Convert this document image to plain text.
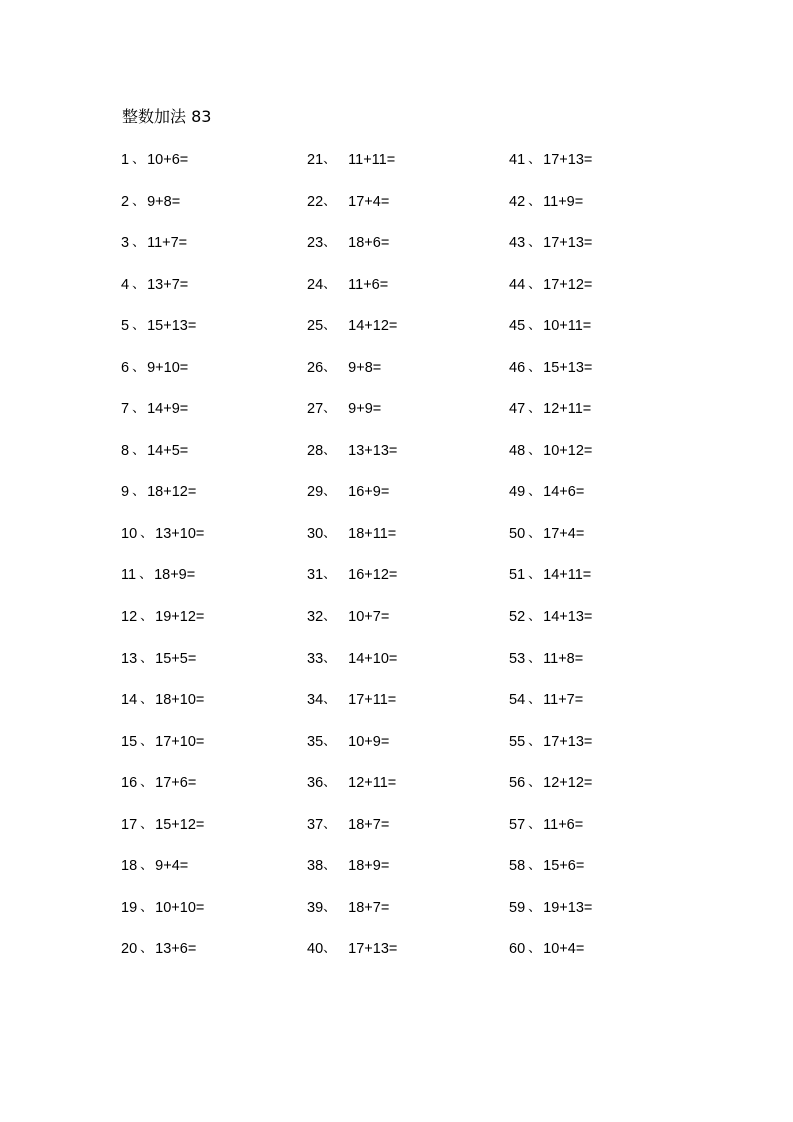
整数加法 83
1 、 10+6=
2 、 9+8=
3 、 11+7=
4 、 13+7=
5 、 15+13=
6 、 9+10=
7 、 14+9=
8 、 14+5=
9 、 18+12=
10 、 13+10=
11 、 18+9=
12 、 19+12=
13 、 15+5=
14 、 18+10=
15 、 17+10=
16 、 17+6=
17 、 15+12=
18 、 9+4=
19 、 10+10=
20 、 13+6=
21 、 11+11=
22 、 17+4=
23 、 18+6=
24 、 11+6=
25 、 14+12=
26 、 9+8=
27 、 9+9=
28 、 13+13=
29 、 16+9=
30 、 18+11=
31 、 16+12=
32 、 10+7=
33 、 14+10=
34 、 17+11=
35 、 10+9=
36 、 12+11=
37 、 18+7=
38 、 18+9=
39 、 18+7=
40 、 17+13=
41 、 17+13=
42 、 11+9=
43 、 17+13=
44 、 17+12=
45 、 10+11=
46 、 15+13=
47 、 12+11=
48 、 10+12=
49 、 14+6=
50 、 17+4=
51 、 14+11=
52 、 14+13=
53 、 11+8=
54 、 11+7=
55 、 17+13=
56 、 12+12=
57 、 11+6=
58 、 15+6=
59 、 19+13=
60 、 10+4=
